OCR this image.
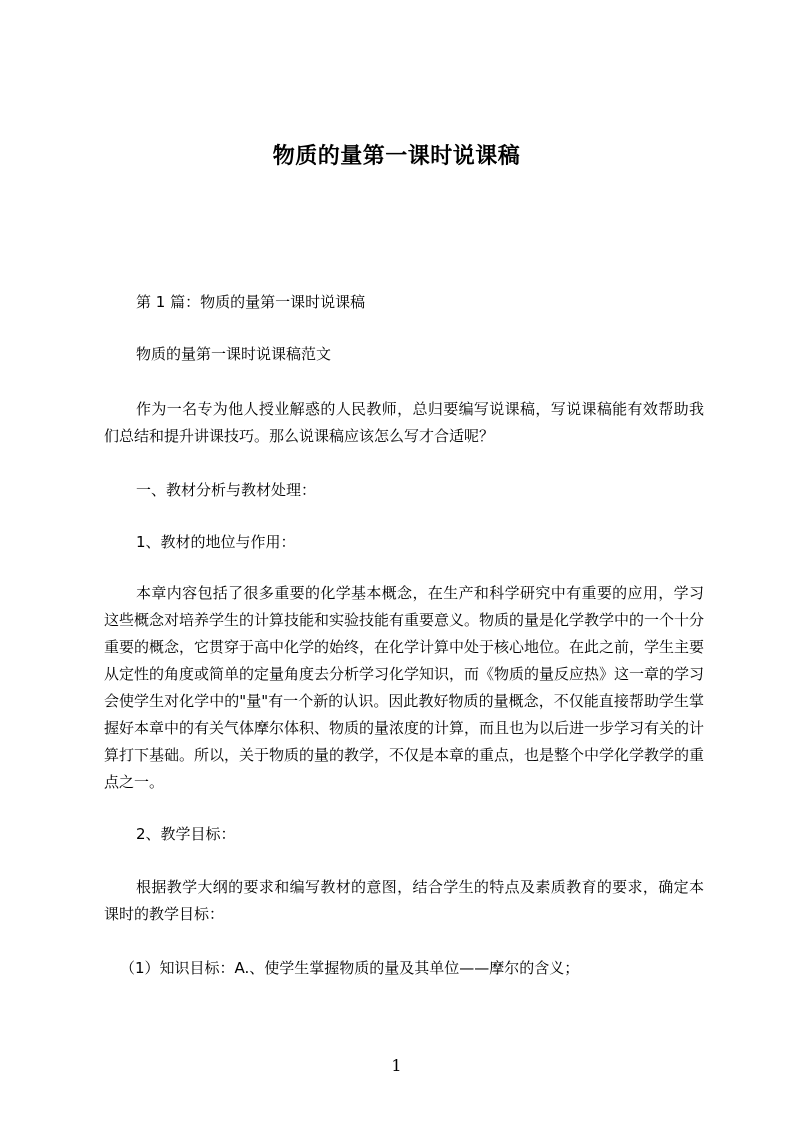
物质的量第一课时说课稿
第 1 篇：物质的量第一课时说课稿
物质的量第一课时说课稿范文
作为一名专为他人授业解惑的人民教师，总归要编写说课稿，写说课稿能有效帮助我们总结和提升讲课技巧。那么说课稿应该怎么写才合适呢？
一、教材分析与教材处理：
1、教材的地位与作用：
本章内容包括了很多重要的化学基本概念，在生产和科学研究中有重要的应用，学习这些概念对培养学生的计算技能和实验技能有重要意义。物质的量是化学教学中的一个十分重要的概念，它贯穿于高中化学的始终，在化学计算中处于核心地位。在此之前，学生主要从定性的角度或简单的定量角度去分析学习化学知识，而《物质的量反应热》这一章的学习会使学生对化学中的"量"有一个新的认识。因此教好物质的量概念，不仅能直接帮助学生掌握好本章中的有关气体摩尔体积、物质的量浓度的计算，而且也为以后进一步学习有关的计算打下基础。所以，关于物质的量的教学，不仅是本章的重点，也是整个中学化学教学的重点之一。
2、教学目标：
根据教学大纲的要求和编写教材的意图，结合学生的特点及素质教育的要求，确定本课时的教学目标：
（1）知识目标：A.、使学生掌握物质的量及其单位——摩尔的含义；
1
